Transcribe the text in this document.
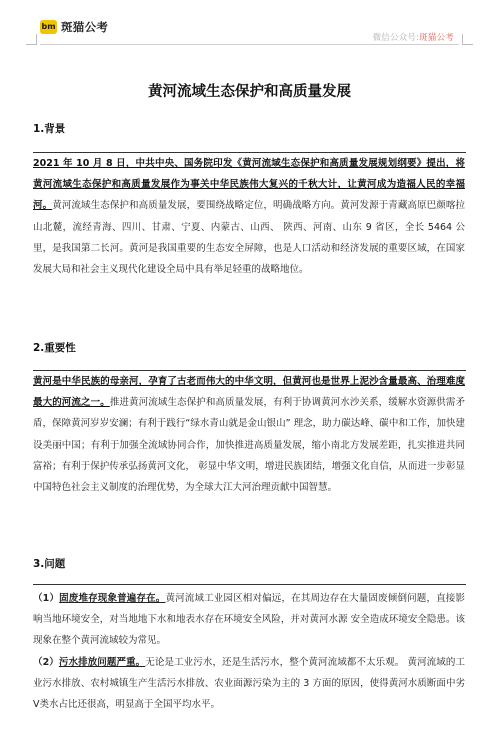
bm 斑猫公考
微信公众号:斑猫公考
黄河流域生态保护和高质量发展
1.背景
2021 年 10 月 8 日，中共中央、国务院印发《黄河流域生态保护和高质量发展规划纲要》提出，将黄河流域生态保护和高质量发展作为事关中华民族伟大复兴的千秋大计，让黄河成为造福人民的幸福河。黄河流域生态保护和高质量发展，要围绕战略定位，明确战略方向。黄河发源于青藏高原巴颜喀拉山北麓，流经青海、四川、甘肃、宁夏、内蒙古、山西、 陕西、河南、山东 9 省区，全长 5464 公里，是我国第二长河。黄河是我国重要的生态安全屏障，也是人口活动和经济发展的重要区域，在国家发展大局和社会主义现代化建设全局中具有举足轻重的战略地位。
2.重要性
黄河是中华民族的母亲河，孕育了古老而伟大的中华文明，但黄河也是世界上泥沙含量最高、治理难度最大的河流之一。推进黄河流域生态保护和高质量发展，有利于协调黄河水沙关系，缓解水资源供需矛盾，保障黄河岁岁安澜；有利于践行“绿水青山就是金山银山” 理念，助力碳达峰、碳中和工作，加快建设美丽中国；有利于加强全流域协同合作，加快推进高质量发展，缩小南北方发展差距，扎实推进共同富裕；有利于保护传承弘扬黄河文化， 彰显中华文明，增进民族团结，增强文化自信，从而进一步彰显中国特色社会主义制度的治理优势，为全球大江大河治理贡献中国智慧。
3.问题
（1）固废堆存现象普遍存在。黄河流域工业园区相对偏远，在其周边存在大量固废倾倒问题，直接影响当地环境安全，对当地地下水和地表水存在环境安全风险，并对黄河水源 安全造成环境安全隐患。该现象在整个黄河流域较为常见。
（2）污水排放问题严重。无论是工业污水，还是生活污水，整个黄河流域都不太乐观。 黄河流域的工业污水排放、农村城镇生产生活污水排放、农业面源污染为主的 3 方面的原因，使得黄河水质断面中劣Ⅴ类水占比还很高，明显高于全国平均水平。
